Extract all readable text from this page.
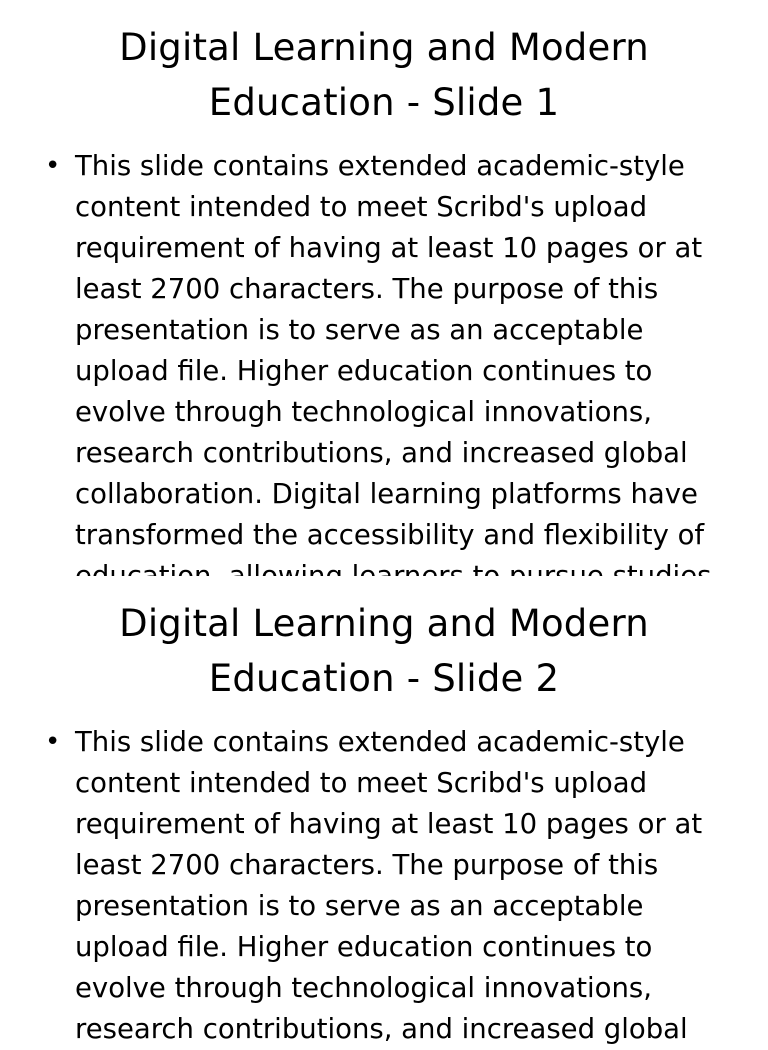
Digital Learning and Modern
Education - Slide 1
• This slide contains extended academic-style
content intended to meet Scribd's upload
requirement of having at least 10 pages or at
least 2700 characters. The purpose of this
presentation is to serve as an acceptable
upload file. Higher education continues to
evolve through technological innovations,
research contributions, and increased global
collaboration. Digital learning platforms have
transformed the accessibility and flexibility of
Digital Learning and Modern
Education - Slide 2
• This slide contains extended academic-style
content intended to meet Scribd's upload
requirement of having at least 10 pages or at
least 2700 characters. The purpose of this
presentation is to serve as an acceptable
upload file. Higher education continues to
evolve through technological innovations,
research contributions, and increased global
